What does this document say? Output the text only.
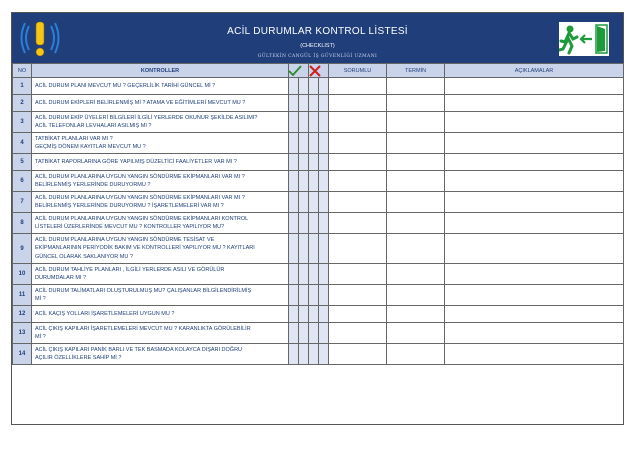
ACİL DURUMLAR KONTROL LİSTESİ
(CHECKLIST)
GÜLTEKİN CANGÜL İŞ GÜVENLİĞİ UZMANI
NO	KONTROLLER					SORUMLU	TERMİN	AÇIKLAMALAR
1	ACİL DURUM PLANI MEVCUT MU ? GEÇERLİLİK TARİHİ GÜNCEL Mİ ?							

2	ACİL DURUM EKİPLERİ BELİRLENMİŞ Mİ ? ATAMA VE EĞİTİMLERİ MEVCUT MU ?							

3	ACİL DURUM EKİP ÜYELERİ BİLGİLERİ İLGİLİ YERLERDE OKUNUR ŞEKİLDE ASILIMI?
ACİL TELEFONLAR LEVHALARI ASILMIŞ MI ?							

4	TATBİKAT PLANLARI VAR MI ?
GEÇMİŞ DÖNEM KAYITLAR MEVCUT MU ?							

5	TATBİKAT RAPORLARINA GÖRE YAPILMIŞ DÜZELTİCİ FAALİYETLER VAR MI ?							

6	ACİL DURUM PLANLARINA UYGUN YANGIN SÖNDÜRME EKİPMANLARI VAR MI ?
BELİRLENMİŞ YERLERİNDE DURUYORMU ?							

7	ACİL DURUM PLANLARINA UYGUN YANGIN SÖNDÜRME EKİPMANLARI VAR MI ?
BELİRLENMİŞ YERLERİNDE DURUYORMU ? İŞARETLEMELERİ VAR MI ?							

8	ACİL DURUM PLANLARINA UYGUN YANGIN SÖNDÜRME EKİPMANLARI KONTROL
LİSTELERİ ÜZERLERİNDE MEVCUT MU ? KONTROLLER YAPILIYOR MU?							

9	ACİL DURUM PLANLARINA UYGUN YANGIN SÖNDÜRME TESİSAT VE
EKİPMANLARININ PERİYODİK BAKIM VE KONTROLLERİ YAPILIYOR MU ? KAYITLARI
GÜNCEL OLARAK SAKLANIYOR MU ?							

10	ACİL DURUM TAHLİYE PLANLARI , İLGİLİ YERLERDE ASILI VE GÖRÜLÜR
DURUMDALAR MI ?							

11	ACİL DURUM TALİMATLARI OLUŞTURULMUŞ MU? ÇALIŞANLAR BİLGİLENDİRİLMİŞ
Mİ ?							

12	ACİL KAÇIŞ YOLLARI İŞARETLEMELERİ UYGUN MU ?							

13	ACİL ÇIKIŞ KAPILARI İŞARETLEMELERİ MEVCUT MU ? KARANLIKTA GÖRÜLEBİLİR
Mİ ?							

14	ACİL ÇIKIŞ KAPILARI PANİK BARLI VE TEK BASMADA KOLAYCA DIŞARI DOĞRU
AÇILIR ÖZELLİKLERE SAHİP Mİ ?							
